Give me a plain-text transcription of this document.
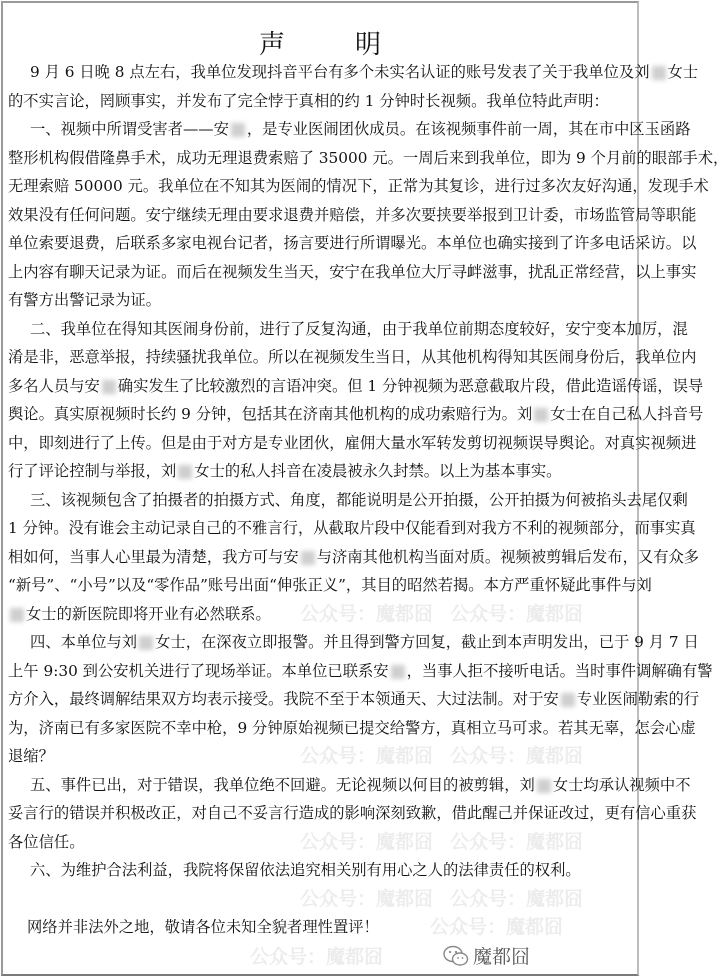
公众号：魔都囧 公众号：魔都囧
公众号：魔都囧 公众号：魔都囧
公众号：魔都囧 公众号：魔都囧
公众号：魔都囧 公众号：魔都囧
公众号：魔都囧
公众号：魔都囧
声　明
9 月 6 日晚 8 点左右，我单位发现抖音平台有多个未实名认证的账号发表了关于我单位及刘 女士
的不实言论，罔顾事实，并发布了完全悖于真相的约 1 分钟时长视频。我单位特此声明：
一、视频中所谓受害者——安 ，是专业医闹团伙成员。在该视频事件前一周，其在市中区玉函路
整形机构假借隆鼻手术，成功无理退费索赔了 35000 元。一周后来到我单位，即为 9 个月前的眼部手术，
无理索赔 50000 元。我单位在不知其为医闹的情况下，正常为其复诊，进行过多次友好沟通，发现手术
效果没有任何问题。安宁继续无理由要求退费并赔偿，并多次要挟要举报到卫计委，市场监管局等职能
单位索要退费，后联系多家电视台记者，扬言要进行所谓曝光。本单位也确实接到了许多电话采访。以
上内容有聊天记录为证。而后在视频发生当天，安宁在我单位大厅寻衅滋事，扰乱正常经营，以上事实
有警方出警记录为证。
二、我单位在得知其医闹身份前，进行了反复沟通，由于我单位前期态度较好，安宁变本加厉，混
淆是非，恶意举报，持续骚扰我单位。所以在视频发生当日，从其他机构得知其医闹身份后，我单位内
多名人员与安 确实发生了比较激烈的言语冲突。但 1 分钟视频为恶意截取片段，借此造谣传谣，误导
舆论。真实原视频时长约 9 分钟，包括其在济南其他机构的成功索赔行为。刘 女士在自己私人抖音号
中，即刻进行了上传。但是由于对方是专业团伙，雇佣大量水军转发剪切视频误导舆论。对真实视频进
行了评论控制与举报，刘 女士的私人抖音在凌晨被永久封禁。以上为基本事实。
三、该视频包含了拍摄者的拍摄方式、角度，都能说明是公开拍摄，公开拍摄为何被掐头去尾仅剩
1 分钟。没有谁会主动记录自己的不雅言行，从截取片段中仅能看到对我方不利的视频部分，而事实真
相如何，当事人心里最为清楚，我方可与安 与济南其他机构当面对质。视频被剪辑后发布，又有众多
“新号”、“小号”以及“零作品”账号出面“伸张正义”，其目的昭然若揭。本方严重怀疑此事件与刘
女士的新医院即将开业有必然联系。
四、本单位与刘 女士，在深夜立即报警。并且得到警方回复，截止到本声明发出，已于 9 月 7 日
上午 9:30 到公安机关进行了现场举证。本单位已联系安 ，当事人拒不接听电话。当时事件调解确有警
方介入，最终调解结果双方均表示接受。我院不至于本领通天、大过法制。对于安 专业医闹勒索的行
为，济南已有多家医院不幸中枪，9 分钟原始视频已提交给警方，真相立马可求。若其无辜，怎会心虚
退缩？
五、事件已出，对于错误，我单位绝不回避。无论视频以何目的被剪辑，刘 女士均承认视频中不
妥言行的错误并积极改正，对自己不妥言行造成的影响深刻致歉，借此醒己并保证改过，更有信心重获
各位信任。
六、为维护合法利益，我院将保留依法追究相关别有用心之人的法律责任的权利。
网络并非法外之地，敬请各位未知全貌者理性置评！
魔都囧
